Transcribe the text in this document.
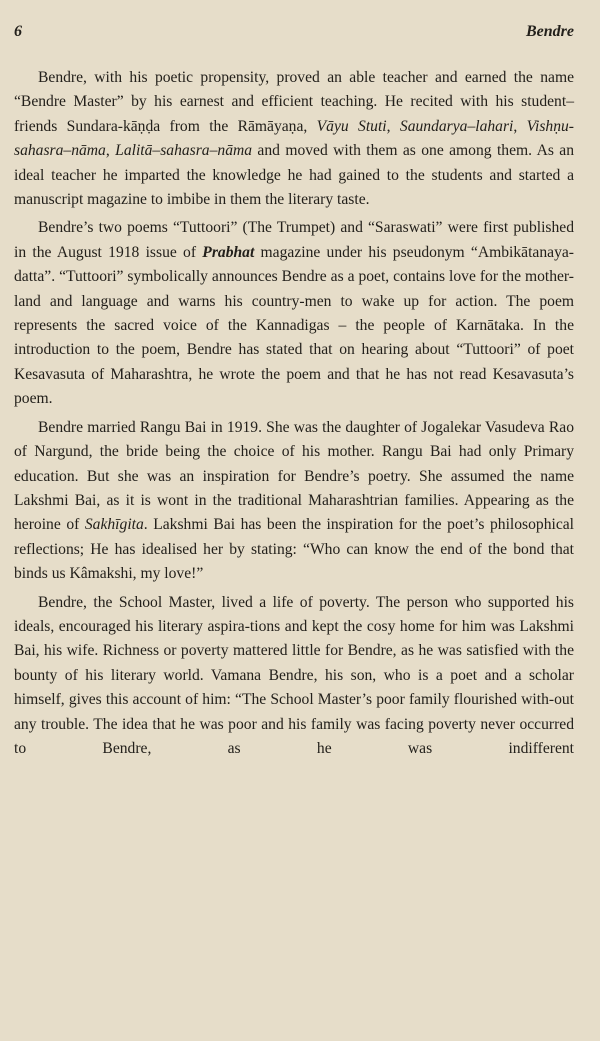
6	Bendre

Bendre, with his poetic propensity, proved an able teacher and earned the name “Bendre Master” by his earnest and efficient teaching. He recited with his student–friends Sundara-kāṇḍa from the Rāmāyaṇa, Vāyu Stuti, Saundarya–lahari, Vishṇu-sahasra–nāma, Lalitā–sahasra–nāma and moved with them as one among them. As an ideal teacher he imparted the knowledge he had gained to the students and started a manuscript magazine to imbibe in them the literary taste.

Bendre’s two poems “Tuttoori” (The Trumpet) and “Saraswati” were first published in the August 1918 issue of Prabhat magazine under his pseudonym “Ambikātanaya-datta”. “Tuttoori” symbolically announces Bendre as a poet, contains love for the mother-land and language and warns his country-men to wake up for action. The poem represents the sacred voice of the Kannadigas – the people of Karnātaka. In the introduction to the poem, Bendre has stated that on hearing about “Tuttoori” of poet Kesavasuta of Maharashtra, he wrote the poem and that he has not read Kesavasuta’s poem.

Bendre married Rangu Bai in 1919. She was the daughter of Jogalekar Vasudeva Rao of Nargund, the bride being the choice of his mother. Rangu Bai had only Primary education. But she was an inspiration for Bendre’s poetry. She assumed the name Lakshmi Bai, as it is wont in the traditional Maharashtrian families. Appearing as the heroine of Sakhīgita. Lakshmi Bai has been the inspiration for the poet’s philosophical reflections; He has idealised her by stating: “Who can know the end of the bond that binds us Kâmakshi, my love!”

Bendre, the School Master, lived a life of poverty. The person who supported his ideals, encouraged his literary aspira-tions and kept the cosy home for him was Lakshmi Bai, his wife. Richness or poverty mattered little for Bendre, as he was satisfied with the bounty of his literary world. Vamana Bendre, his son, who is a poet and a scholar himself, gives this account of him: “The School Master’s poor family flourished with-out any trouble. The idea that he was poor and his family was facing poverty never occurred to Bendre, as he was indifferent
